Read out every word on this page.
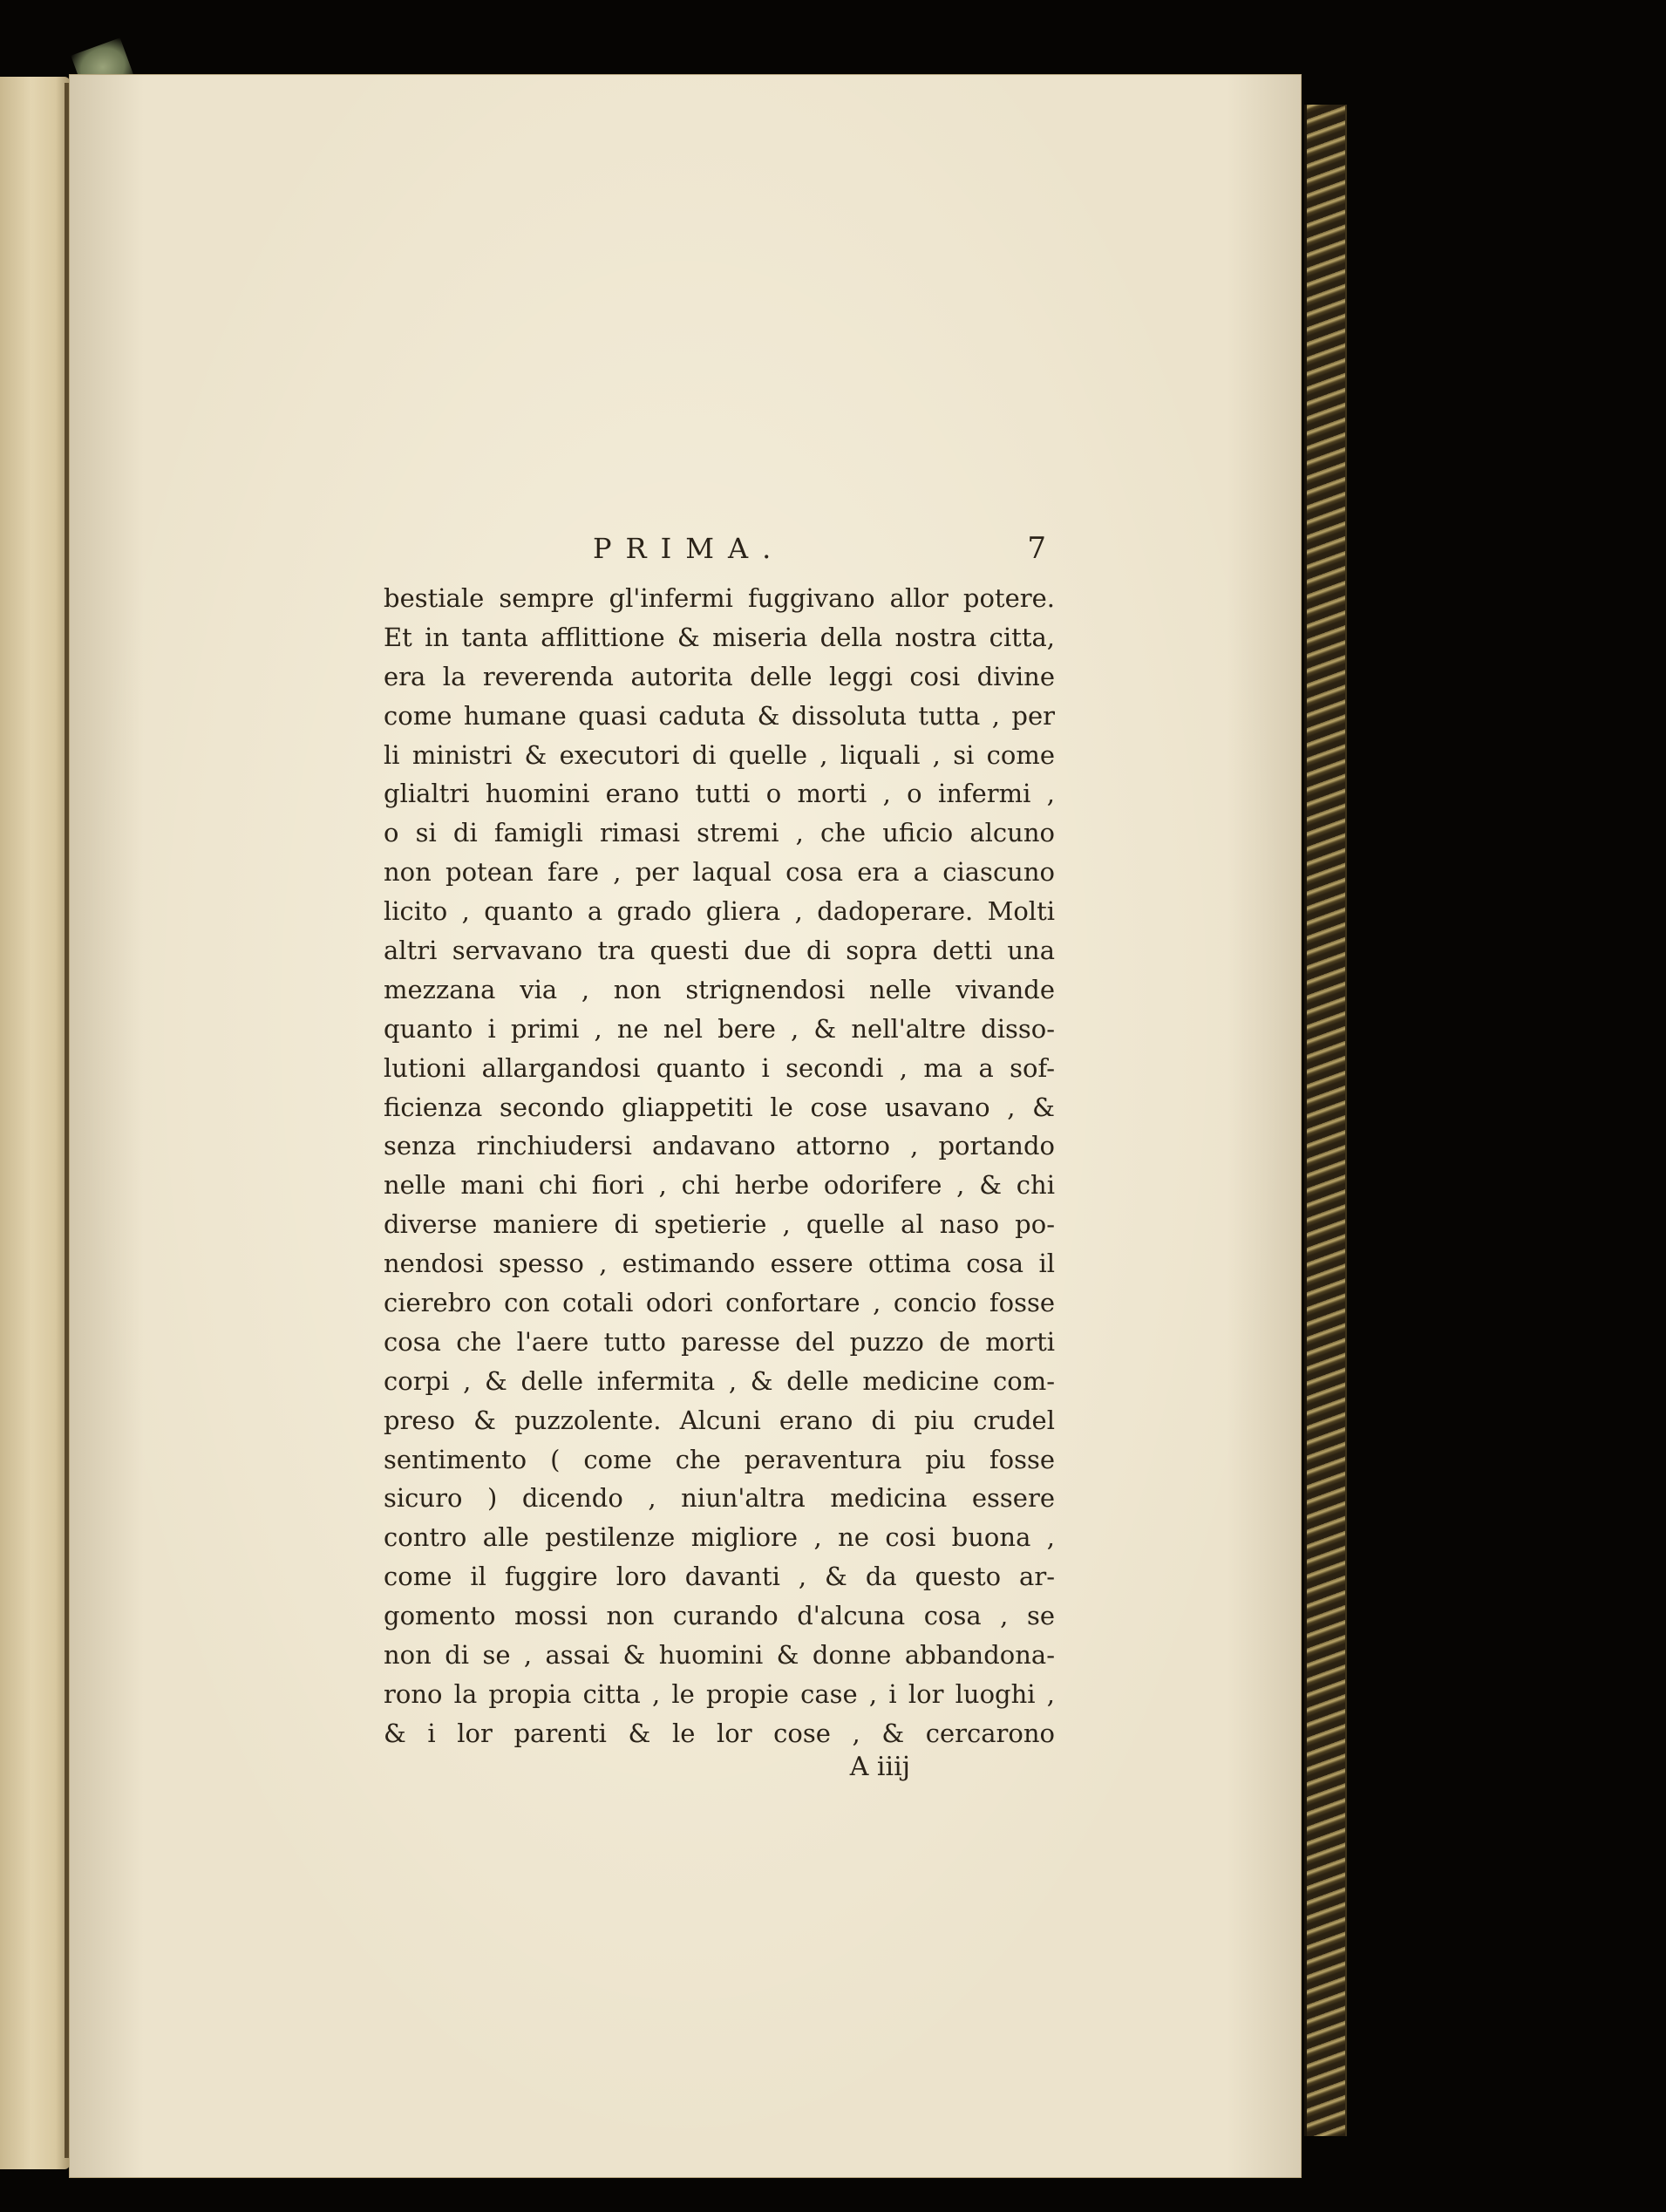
PRIMA.	7
bestiale sempre gl'infermi fuggivano allor potere.
Et in tanta afflittione & miseria della nostra citta,
era la reverenda autorita delle leggi cosi divine
come humane quasi caduta & dissoluta tutta , per
li ministri & executori di quelle , liquali , si come
glialtri huomini erano tutti o morti , o infermi ,
o si di famigli rimasi stremi , che uficio alcuno
non potean fare , per laqual cosa era a ciascuno
licito , quanto a grado gliera , dadoperare. Molti
altri servavano tra questi due di sopra detti una
mezzana via , non strignendosi nelle vivande
quanto i primi , ne nel bere , & nell'altre disso-
lutioni allargandosi quanto i secondi , ma a sof-
ficienza secondo gliappetiti le cose usavano , &
senza rinchiudersi andavano attorno , portando
nelle mani chi fiori , chi herbe odorifere , & chi
diverse maniere di spetierie , quelle al naso po-
nendosi spesso , estimando essere ottima cosa il
cierebro con cotali odori confortare , concio fosse
cosa che l'aere tutto paresse del puzzo de morti
corpi , & delle infermita , & delle medicine com-
preso & puzzolente. Alcuni erano di piu crudel
sentimento ( come che peraventura piu fosse
sicuro ) dicendo , niun'altra medicina essere
contro alle pestilenze migliore , ne cosi buona ,
come il fuggire loro davanti , & da questo ar-
gomento mossi non curando d'alcuna cosa , se
non di se , assai & huomini & donne abbandona-
rono la propia citta , le propie case , i lor luoghi ,
& i lor parenti & le lor cose , & cercarono
A iiij
